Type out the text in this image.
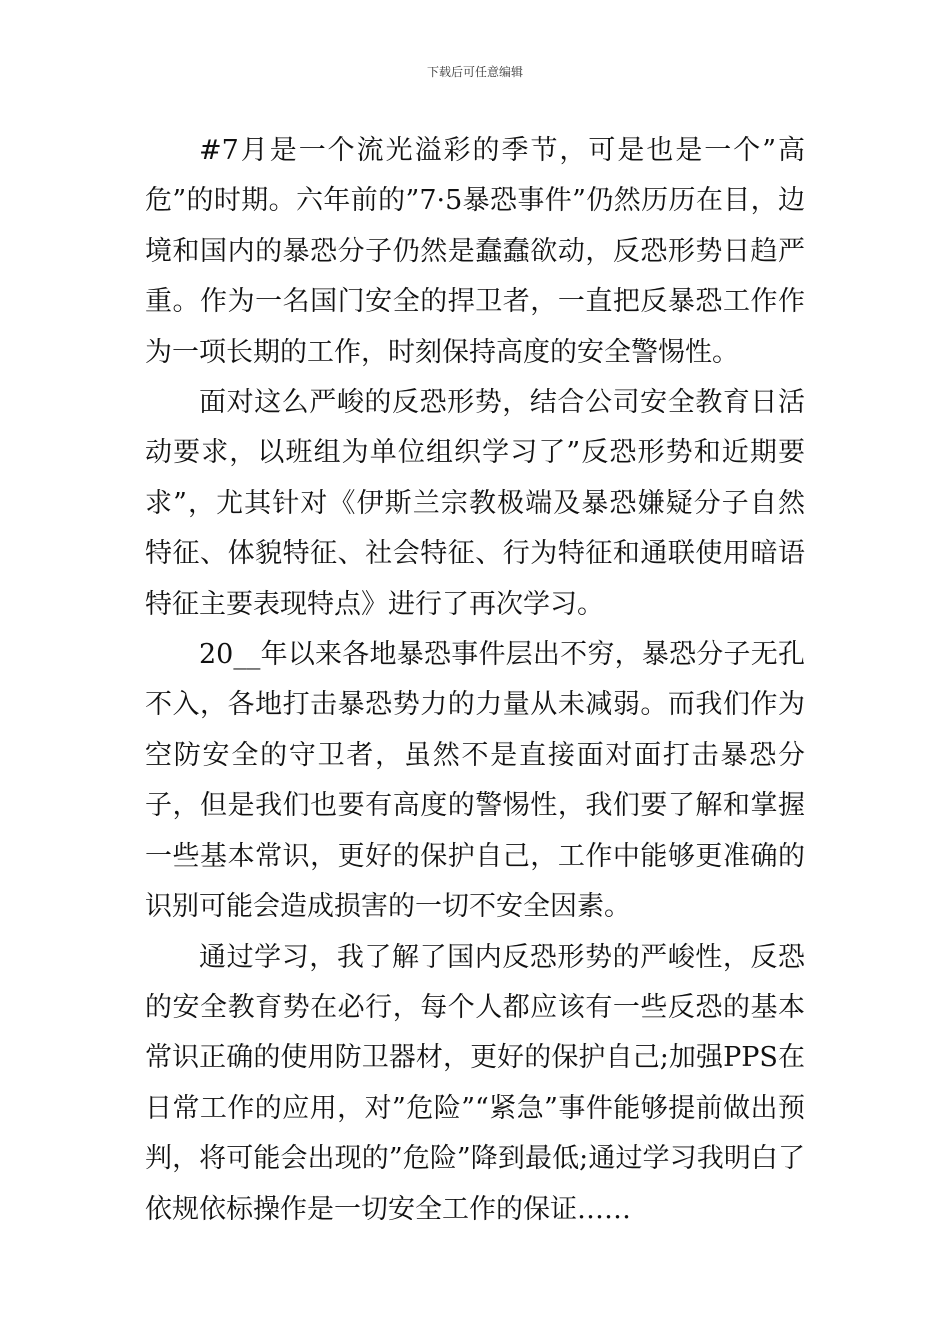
下载后可任意编辑

#7月是一个流光溢彩的季节，可是也是一个”高危”的时期。六年前的”7·5暴恐事件”仍然历历在目，边境和国内的暴恐分子仍然是蠢蠢欲动，反恐形势日趋严重。作为一名国门安全的捍卫者，一直把反暴恐工作作为一项长期的工作，时刻保持高度的安全警惕性。

面对这么严峻的反恐形势，结合公司安全教育日活动要求，以班组为单位组织学习了”反恐形势和近期要求”，尤其针对《伊斯兰宗教极端及暴恐嫌疑分子自然特征、体貌特征、社会特征、行为特征和通联使用暗语特征主要表现特点》进行了再次学习。

20__年以来各地暴恐事件层出不穷，暴恐分子无孔不入，各地打击暴恐势力的力量从未减弱。而我们作为空防安全的守卫者，虽然不是直接面对面打击暴恐分子，但是我们也要有高度的警惕性，我们要了解和掌握一些基本常识，更好的保护自己，工作中能够更准确的识别可能会造成损害的一切不安全因素。

通过学习，我了解了国内反恐形势的严峻性，反恐的安全教育势在必行，每个人都应该有一些反恐的基本常识正确的使用防卫器材，更好的保护自己;加强PPS在日常工作的应用，对”危险”“紧急”事件能够提前做出预判，将可能会出现的”危险”降到最低;通过学习我明白了依规依标操作是一切安全工作的保证……
